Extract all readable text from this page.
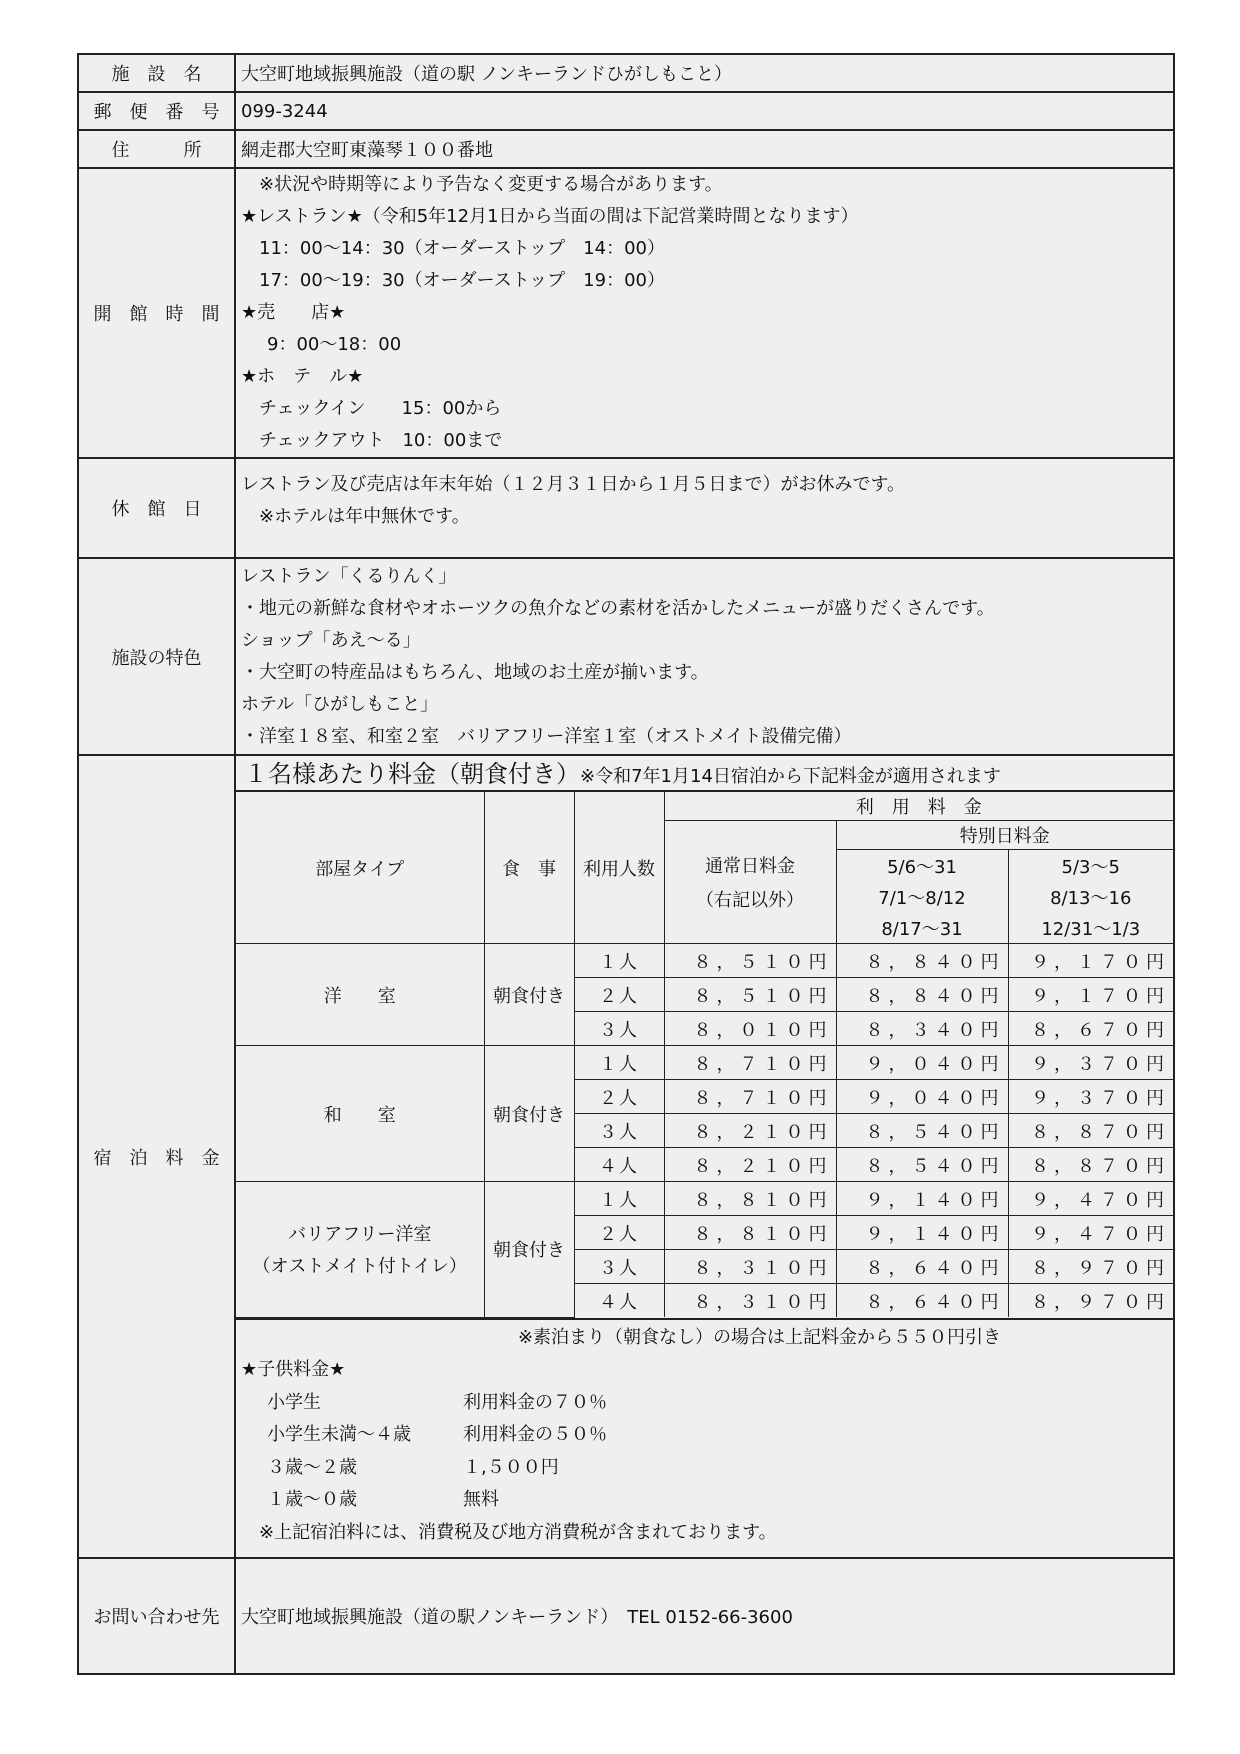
施　設　名	大空町地域振興施設（道の駅 ノンキーランドひがしもこと）
郵　便　番　号	099-3244
住　　　所	網走郡大空町東藻琴１００番地
開　館　時　間	
※状況や時期等により予告なく変更する場合があります。
★レストラン★（令和5年12月1日から当面の間は下記営業時間となります）
11：00～14：30（オーダーストップ　14：00）
17：00～19：30（オーダーストップ　19：00）
★売　　店★
9：00～18：00
★ホ　テ　ル★
チェックイン　　15：00から
チェックアウト　10：00まで

休　館　日	
レストラン及び売店は年末年始（１２月３１日から１月５日まで）がお休みです。
※ホテルは年中無休です。

施設の特色	
レストラン「くるりんく」
・地元の新鮮な食材やオホーツクの魚介などの素材を活かしたメニューが盛りだくさんです。
ショップ「あえ～る」
・大空町の特産品はもちろん、地域のお土産が揃います。
ホテル「ひがしもこと」
・洋室１８室、和室２室　バリアフリー洋室１室（オストメイト設備完備）

宿　泊　料　金	
１名様あたり料金（朝食付き）※令和7年1月14日宿泊から下記料金が適用されます
部屋タイプ	食　事	利用人数	利　用　料　金

通常日料金
（右記以外）
	特別日料金
5/6～31	5/3～5
7/1～8/12	8/13～16
8/17～31	12/31～1/3
洋　　室	朝食付き	１人	８，５１０円	８，８４０円	９，１７０円
２人	８，５１０円	８，８４０円	９，１７０円
３人	８，０１０円	８，３４０円	８，６７０円
和　　室	朝食付き	１人	８，７１０円	９，０４０円	９，３７０円
２人	８，７１０円	９，０４０円	９，３７０円
３人	８，２１０円	８，５４０円	８，８７０円
４人	８，２１０円	８，５４０円	８，８７０円

バリアフリー洋室
（オストメイト付トイレ）
	朝食付き	１人	８，８１０円	９，１４０円	９，４７０円
２人	８，８１０円	９，１４０円	９，４７０円
３人	８，３１０円	８，６４０円	８，９７０円
４人	８，３１０円	８，６４０円	８，９７０円
※素泊まり（朝食なし）の場合は上記料金から５５０円引き
★子供料金★
小学生	利用料金の７０％
小学生未満～４歳	利用料金の５０％
３歳～２歳	１,５００円
１歳～０歳	無料
※上記宿泊料には、消費税及び地方消費税が含まれております。

お問い合わせ先	大空町地域振興施設（道の駅ノンキーランド）　TEL 0152-66-3600
